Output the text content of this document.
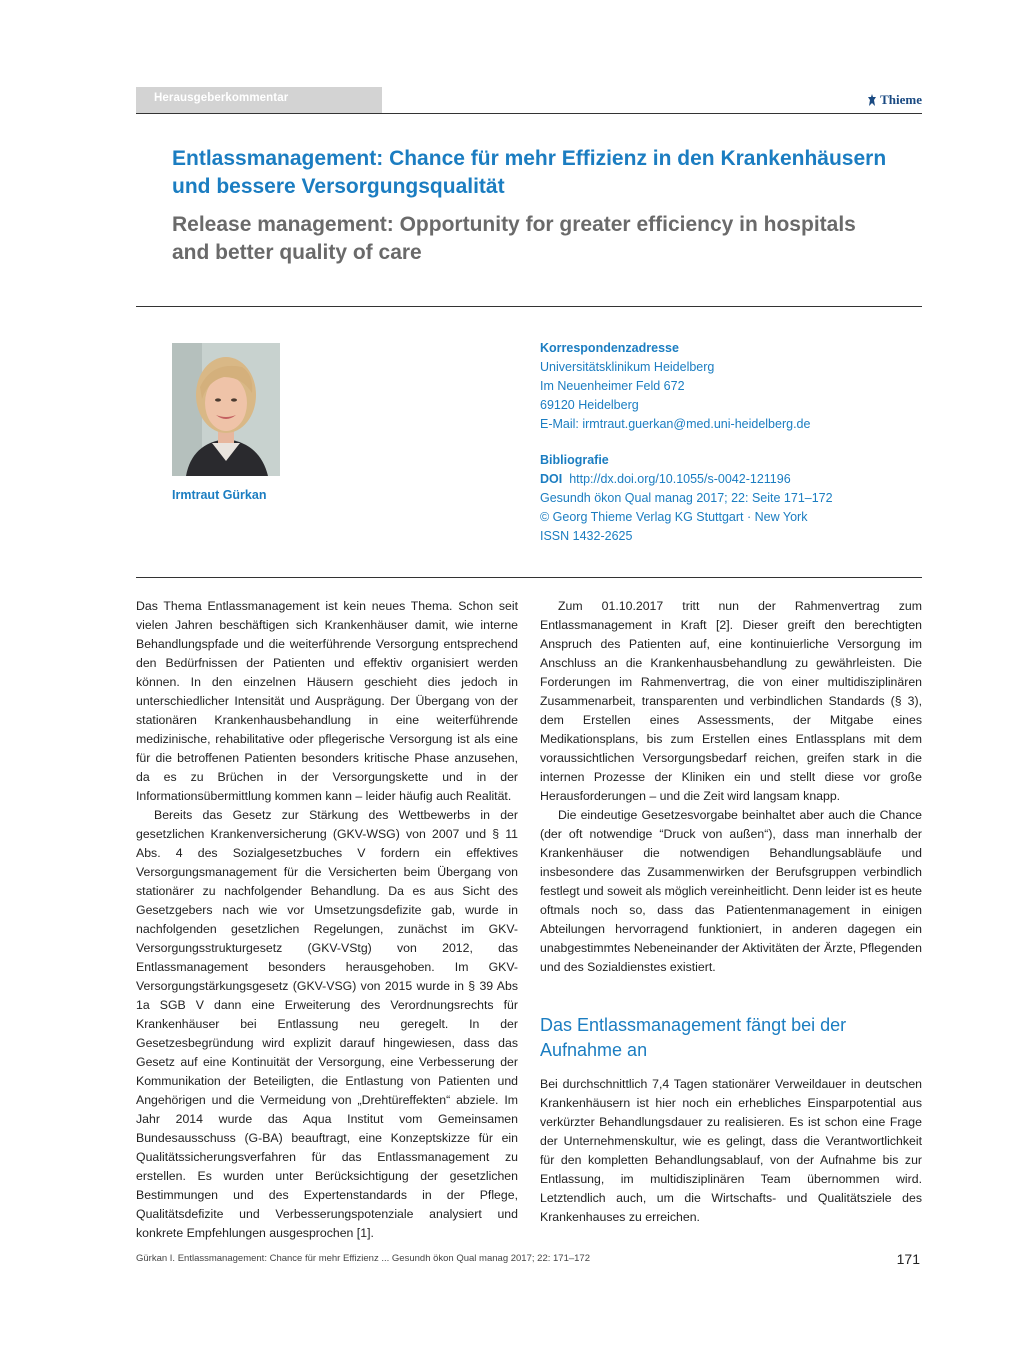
Herausgeberkommentar	Thieme
Entlassmanagement: Chance für mehr Effizienz in den Krankenhäusern und bessere Versorgungsqualität
Release management: Opportunity for greater efficiency in hospitals and better quality of care
Irmtraut Gürkan
Korrespondenzadresse
Universitätsklinikum Heidelberg
Im Neuenheimer Feld 672
69120 Heidelberg
E-Mail: irmtraut.guerkan@med.uni-heidelberg.de
Bibliografie
DOI http://dx.doi.org/10.1055/s-0042-121196
Gesundh ökon Qual manag 2017; 22: Seite 171–172
© Georg Thieme Verlag KG Stuttgart · New York
ISSN 1432-2625

Das Thema Entlassmanagement ist kein neues Thema. Schon seit vielen Jahren beschäftigen sich Krankenhäuser damit, wie interne Behandlungspfade und die weiterführende Versorgung entsprechend den Bedürfnissen der Patienten und effektiv organisiert werden können. In den einzelnen Häusern geschieht dies jedoch in unterschiedlicher Intensität und Ausprägung. Der Übergang von der stationären Krankenhausbehandlung in eine weiterführende medizinische, rehabilitative oder pflegerische Versorgung ist als eine für die betroffenen Patienten besonders kritische Phase anzusehen, da es zu Brüchen in der Versorgungskette und in der Informationsübermittlung kommen kann – leider häufig auch Realität.

Bereits das Gesetz zur Stärkung des Wettbewerbs in der gesetzlichen Krankenversicherung (GKV-WSG) von 2007 und § 11 Abs. 4 des Sozialgesetzbuches V fordern ein effektives Versorgungsmanagement für die Versicherten beim Übergang von stationärer zu nachfolgender Behandlung. Da es aus Sicht des Gesetzgebers nach wie vor Umsetzungsdefizite gab, wurde in nachfolgenden gesetzlichen Regelungen, zunächst im GKV-Versorgungsstrukturgesetz (GKV-VStg) von 2012, das Entlassmanagement besonders herausgehoben. Im GKV-Versorgungstärkungsgesetz (GKV-VSG) von 2015 wurde in § 39 Abs 1a SGB V dann eine Erweiterung des Verordnungsrechts für Krankenhäuser bei Entlassung neu geregelt. In der Gesetzesbegründung wird explizit darauf hingewiesen, dass das Gesetz auf eine Kontinuität der Versorgung, eine Verbesserung der Kommunikation der Beteiligten, die Entlastung von Patienten und Angehörigen und die Vermeidung von „Drehtüreffekten“ abziele. Im Jahr 2014 wurde das Aqua Institut vom Gemeinsamen Bundesausschuss (G-BA) beauftragt, eine Konzeptskizze für ein Qualitätssicherungsverfahren für das Entlassmanagement zu erstellen. Es wurden unter Berücksichtigung der gesetzlichen Bestimmungen und des Expertenstandards in der Pflege, Qualitätsdefizite und Verbesserungspotenziale analysiert und konkrete Empfehlungen ausgesprochen [1].

Zum 01.10.2017 tritt nun der Rahmenvertrag zum Entlassmanagement in Kraft [2]. Dieser greift den berechtigten Anspruch des Patienten auf, eine kontinuierliche Versorgung im Anschluss an die Krankenhausbehandlung zu gewährleisten. Die Forderungen im Rahmenvertrag, die von einer multidisziplinären Zusammenarbeit, transparenten und verbindlichen Standards (§ 3), dem Erstellen eines Assessments, der Mitgabe eines Medikationsplans, bis zum Erstellen eines Entlassplans mit dem voraussichtlichen Versorgungsbedarf reichen, greifen stark in die internen Prozesse der Kliniken ein und stellt diese vor große Herausforderungen – und die Zeit wird langsam knapp.

Die eindeutige Gesetzesvorgabe beinhaltet aber auch die Chance (der oft notwendige “Druck von außen“), dass man innerhalb der Krankenhäuser die notwendigen Behandlungsabläufe und insbesondere das Zusammenwirken der Berufsgruppen verbindlich festlegt und soweit als möglich vereinheitlicht. Denn leider ist es heute oftmals noch so, dass das Patientenmanagement in einigen Abteilungen hervorragend funktioniert, in anderen dagegen ein unabgestimmtes Nebeneinander der Aktivitäten der Ärzte, Pflegenden und des Sozialdienstes existiert.

Das Entlassmanagement fängt bei der Aufnahme an

Bei durchschnittlich 7,4 Tagen stationärer Verweildauer in deutschen Krankenhäusern ist hier noch ein erhebliches Einsparpotential aus verkürzter Behandlungsdauer zu realisieren. Es ist schon eine Frage der Unternehmenskultur, wie es gelingt, dass die Verantwortlichkeit für den kompletten Behandlungsablauf, von der Aufnahme bis zur Entlassung, im multidisziplinären Team übernommen wird. Letztendlich auch, um die Wirtschafts- und Qualitätsziele des Krankenhauses zu erreichen.

Gürkan I. Entlassmanagement: Chance für mehr Effizienz ... Gesundh ökon Qual manag 2017; 22: 171–172	171
